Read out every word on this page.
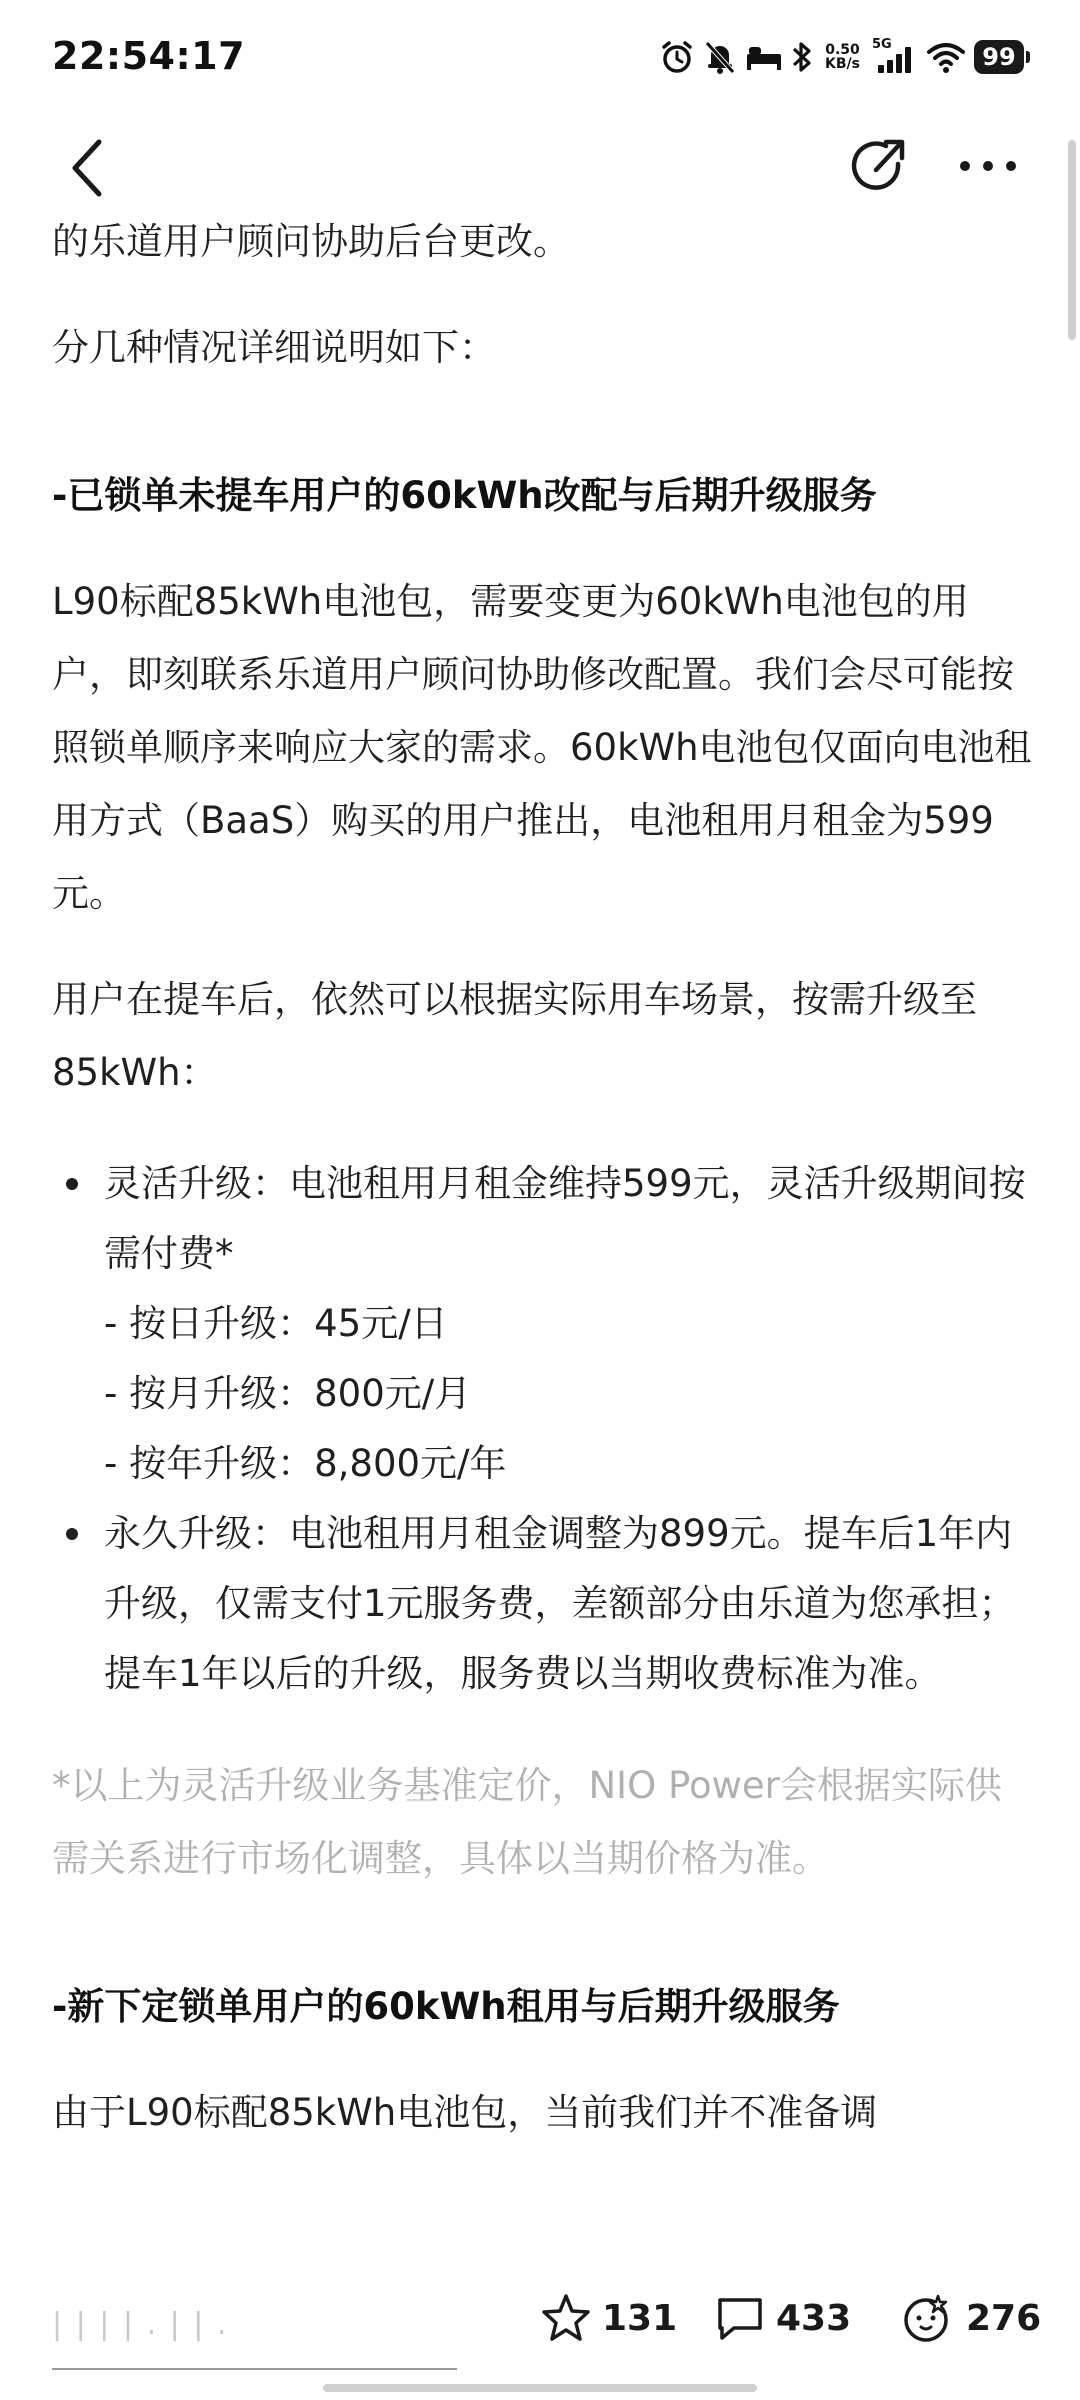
22:54:17	0.50
KB/s
5G	99

的乐道用户顾问协助后台更改。

分几种情况详细说明如下：

-已锁单未提车用户的60kWh改配与后期升级服务

L90标配85kWh电池包，需要变更为60kWh电池包的用户，即刻联系乐道用户顾问协助修改配置。我们会尽可能按照锁单顺序来响应大家的需求。60kWh电池包仅面向电池租用方式（BaaS）购买的用户推出，电池租用月租金为599元。

用户在提车后，依然可以根据实际用车场景，按需升级至85kWh：

灵活升级：电池租用月租金维持599元，灵活升级期间按需付费*
- 按日升级：45元/日
- 按月升级：800元/月
- 按年升级：8,800元/年
永久升级：电池租用月租金调整为899元。提车后1年内升级，仅需支付1元服务费，差额部分由乐道为您承担；提车1年以后的升级，服务费以当期收费标准为准。

*以上为灵活升级业务基准定价，NIO Power会根据实际供需关系进行市场化调整，具体以当期价格为准。

-新下定锁单用户的60kWh租用与后期升级服务

由于L90标配85kWh电池包，当前我们并不准备调

| | | | . | | .	131	433	276
